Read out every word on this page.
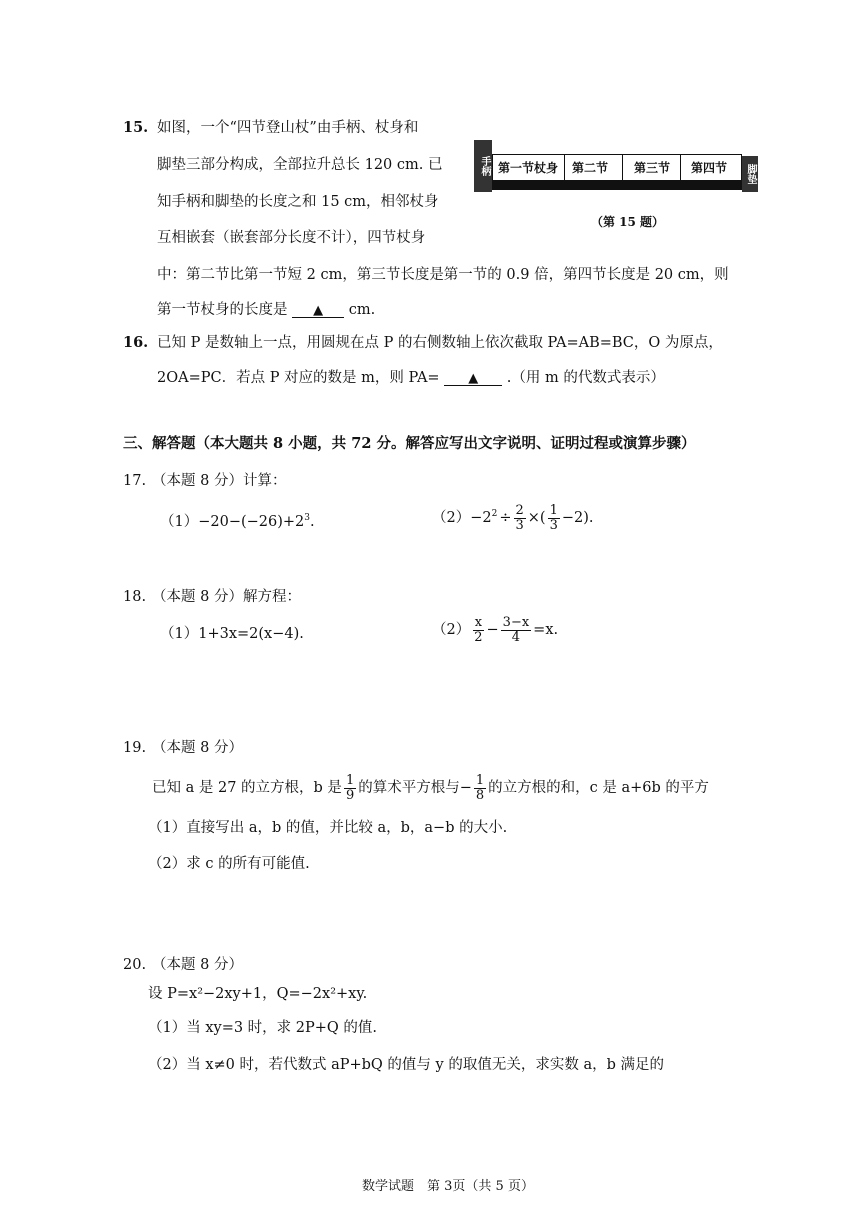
15. 如图，一个“四节登山杖”由手柄、杖身和
脚垫三部分构成，全部拉升总长 120 cm. 已
知手柄和脚垫的长度之和 15 cm，相邻杖身
互相嵌套（嵌套部分长度不计），四节杖身
中：第二节比第一节短 2 cm，第三节长度是第一节的 0.9 倍，第四节长度是 20 cm，则
第一节杖身的长度是 ▲ cm.
手柄 第一节杖身 第二节 第三节 第四节	脚垫
（第 15 题）
16. 已知 P 是数轴上一点，用圆规在点 P 的右侧数轴上依次截取 PA=AB=BC，O 为原点，
2OA=PC．若点 P 对应的数是 m，则 PA= ▲ .（用 m 的代数式表示）
三、解答题（本大题共 8 小题，共 72 分。解答应写出文字说明、证明过程或演算步骤）
17. （本题 8 分）计算：
$(1)-20-(-26)+2^3$.	$(2)-2^2 \div \frac{2}{3}$ ×( $\frac{1}{3} -2$).
18. （本题 8 分）解方程：
（1）1+3x=2(x−4).	$(2) \frac{x}{2} - \frac{3-x}{4} =x$.
19. （本题 8 分）
已知 a 是 27 的立方根，b 是 $\frac{1}{9}$ 的算术平方根与− $\frac{1}{8}$ 的立方根的和，c 是 a+6b 的平方
（1）直接写出 a，b 的值，并比较 a，b，a−b 的大小.
（2）求 c 的所有可能值.
20. （本题 8 分）
设 P=x²−2xy+1，Q=−2x²+xy.
（1）当 xy=3 时，求 2P+Q 的值.
（2）当 x≠0 时，若代数式 aP+bQ 的值与 y 的取值无关，求实数 a，b 满足的
数学试题　第 3页（共 5 页）
